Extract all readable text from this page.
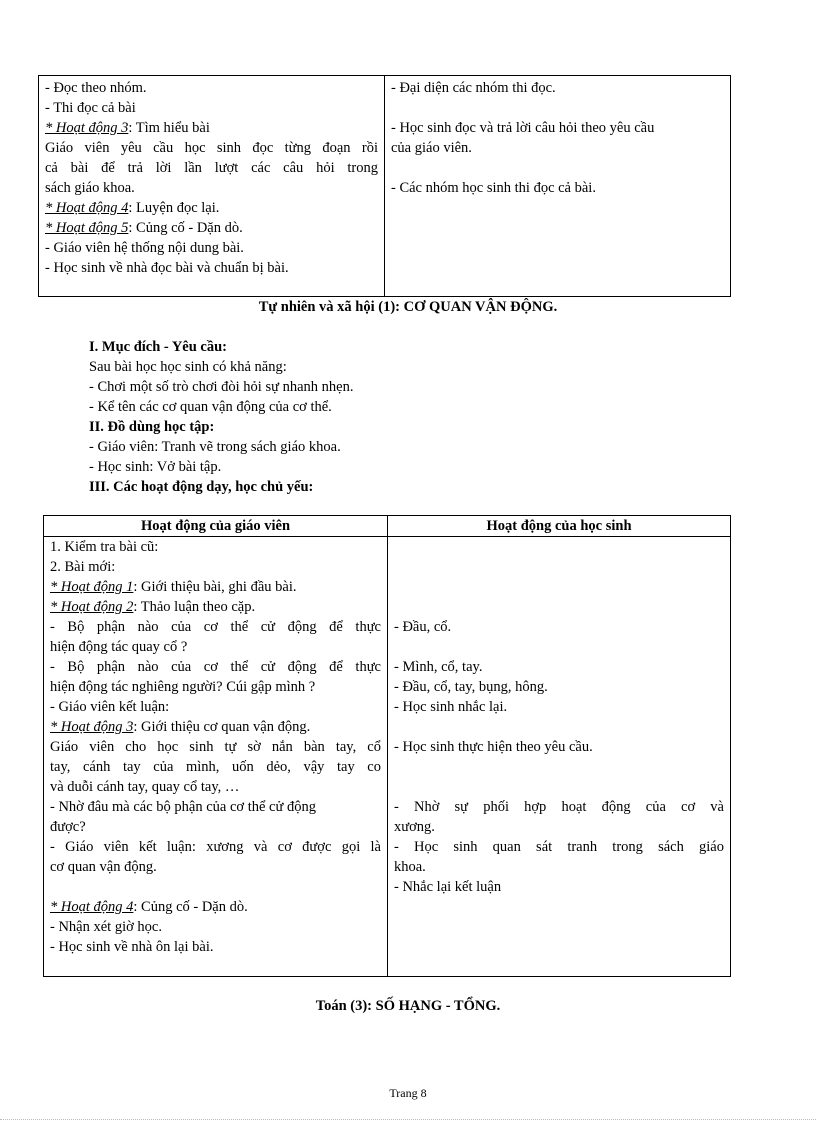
- Đọc theo nhóm.
- Thi đọc cả bài
* Hoạt động 3: Tìm hiểu bài
Giáo viên yêu cầu học sinh đọc từng đoạn rồi
cả bài để trả lời lần lượt các câu hỏi trong
sách giáo khoa.
* Hoạt động 4: Luyện đọc lại.
* Hoạt động 5: Củng cố - Dặn dò.
- Giáo viên hệ thống nội dung bài.
- Học sinh về nhà đọc bài và chuẩn bị bài.
- Đại diện các nhóm thi đọc.
- Học sinh đọc và trả lời câu hỏi theo yêu cầu
của giáo viên.
- Các nhóm học sinh thi đọc cả bài.
Tự nhiên và xã hội (1): CƠ QUAN VẬN ĐỘNG.
I. Mục đích - Yêu cầu:
Sau bài học học sinh có khả năng:
- Chơi một số trò chơi đòi hỏi sự nhanh nhẹn.
- Kể tên các cơ quan vận động của cơ thể.
II. Đồ dùng học tập:
- Giáo viên: Tranh vẽ trong sách giáo khoa.
- Học sinh: Vở bài tập.
III. Các hoạt động dạy, học chủ yếu:
Hoạt động của giáo viên	Hoạt động của học sinh
1. Kiểm tra bài cũ:
2. Bài mới:
* Hoạt động 1: Giới thiệu bài, ghi đầu bài.
* Hoạt động 2: Thảo luận theo cặp.
- Bộ phận nào của cơ thể cử động để thực
hiện động tác quay cổ ?
- Bộ phận nào của cơ thể cử động để thực
hiện động tác nghiêng người? Cúi gập mình ?
- Giáo viên kết luận:
* Hoạt động 3: Giới thiệu cơ quan vận động.
Giáo viên cho học sinh tự sờ nắn bàn tay, cổ
tay, cánh tay của mình, uốn dẻo, vậy tay co
và duỗi cánh tay, quay cổ tay, …
- Nhờ đâu mà các bộ phận của cơ thể cử động
được?
- Giáo viên kết luận: xương và cơ được gọi là
cơ quan vận động.
* Hoạt động 4: Củng cố - Dặn dò.
- Nhận xét giờ học.
- Học sinh về nhà ôn lại bài.
- Đầu, cổ.
- Mình, cổ, tay.
- Đầu, cổ, tay, bụng, hông.
- Học sinh nhắc lại.
- Học sinh thực hiện theo yêu cầu.
- Nhờ sự phối hợp hoạt động của cơ và
xương.
- Học sinh quan sát tranh trong sách giáo
khoa.
- Nhắc lại kết luận
Toán (3): SỐ HẠNG - TỔNG.
Trang 8
